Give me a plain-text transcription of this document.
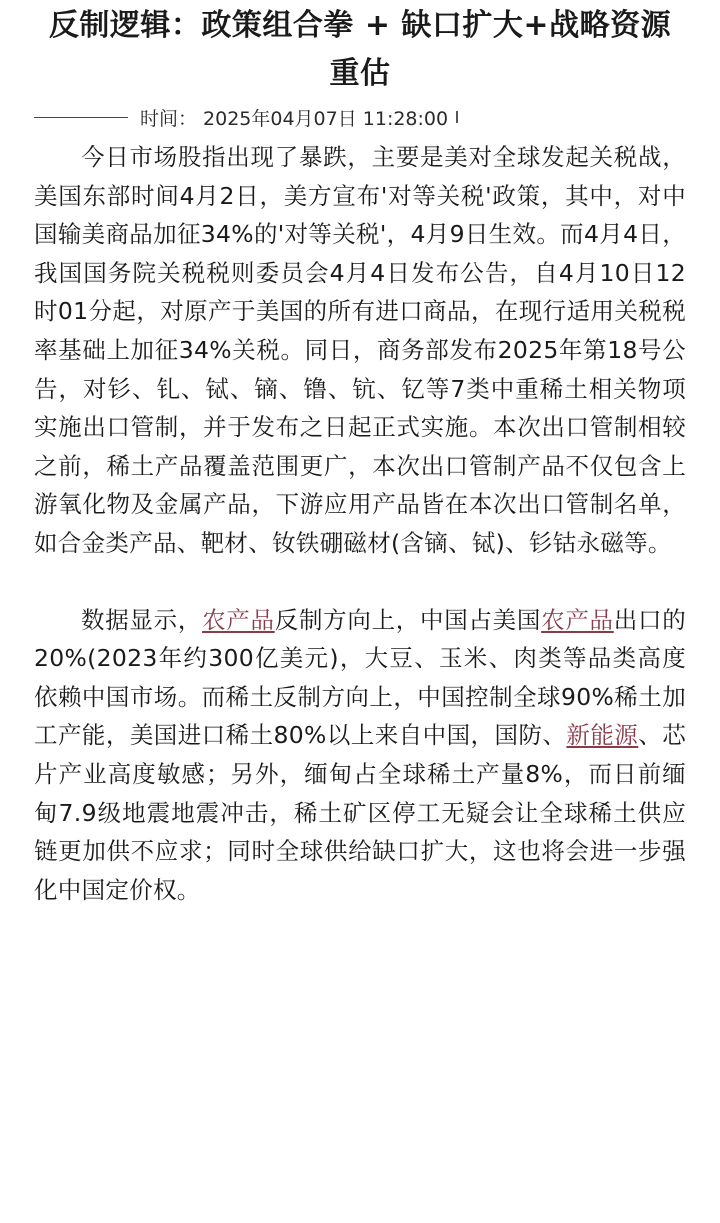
反制逻辑：政策组合拳 + 缺口扩大+战略资源重估
时间： 2025年04月07日 11:28:00

今日市场股指出现了暴跌，主要是美对全球发起关税战，美国东部时间4月2日，美方宣布'对等关税'政策，其中，对中国输美商品加征34%的'对等关税'，4月9日生效。而4月4日，我国国务院关税税则委员会4月4日发布公告，自4月10日12时01分起，对原产于美国的所有进口商品，在现行适用关税税率基础上加征34%关税。同日，商务部发布2025年第18号公告，对钐、钆、铽、镝、镥、钪、钇等7类中重稀土相关物项实施出口管制，并于发布之日起正式实施。本次出口管制相较之前，稀土产品覆盖范围更广，本次出口管制产品不仅包含上游氧化物及金属产品，下游应用产品皆在本次出口管制名单，如合金类产品、靶材、钕铁硼磁材(含镝、铽)、钐钴永磁等。

数据显示，农产品反制方向上，中国占美国农产品出口的20%(2023年约300亿美元)，大豆、玉米、肉类等品类高度依赖中国市场。而稀土反制方向上，中国控制全球90%稀土加工产能，美国进口稀土80%以上来自中国，国防、新能源、芯片产业高度敏感；另外，缅甸占全球稀土产量8%，而日前缅甸7.9级地震地震冲击，稀土矿区停工无疑会让全球稀土供应链更加供不应求；同时全球供给缺口扩大，这也将会进一步强化中国定价权。
